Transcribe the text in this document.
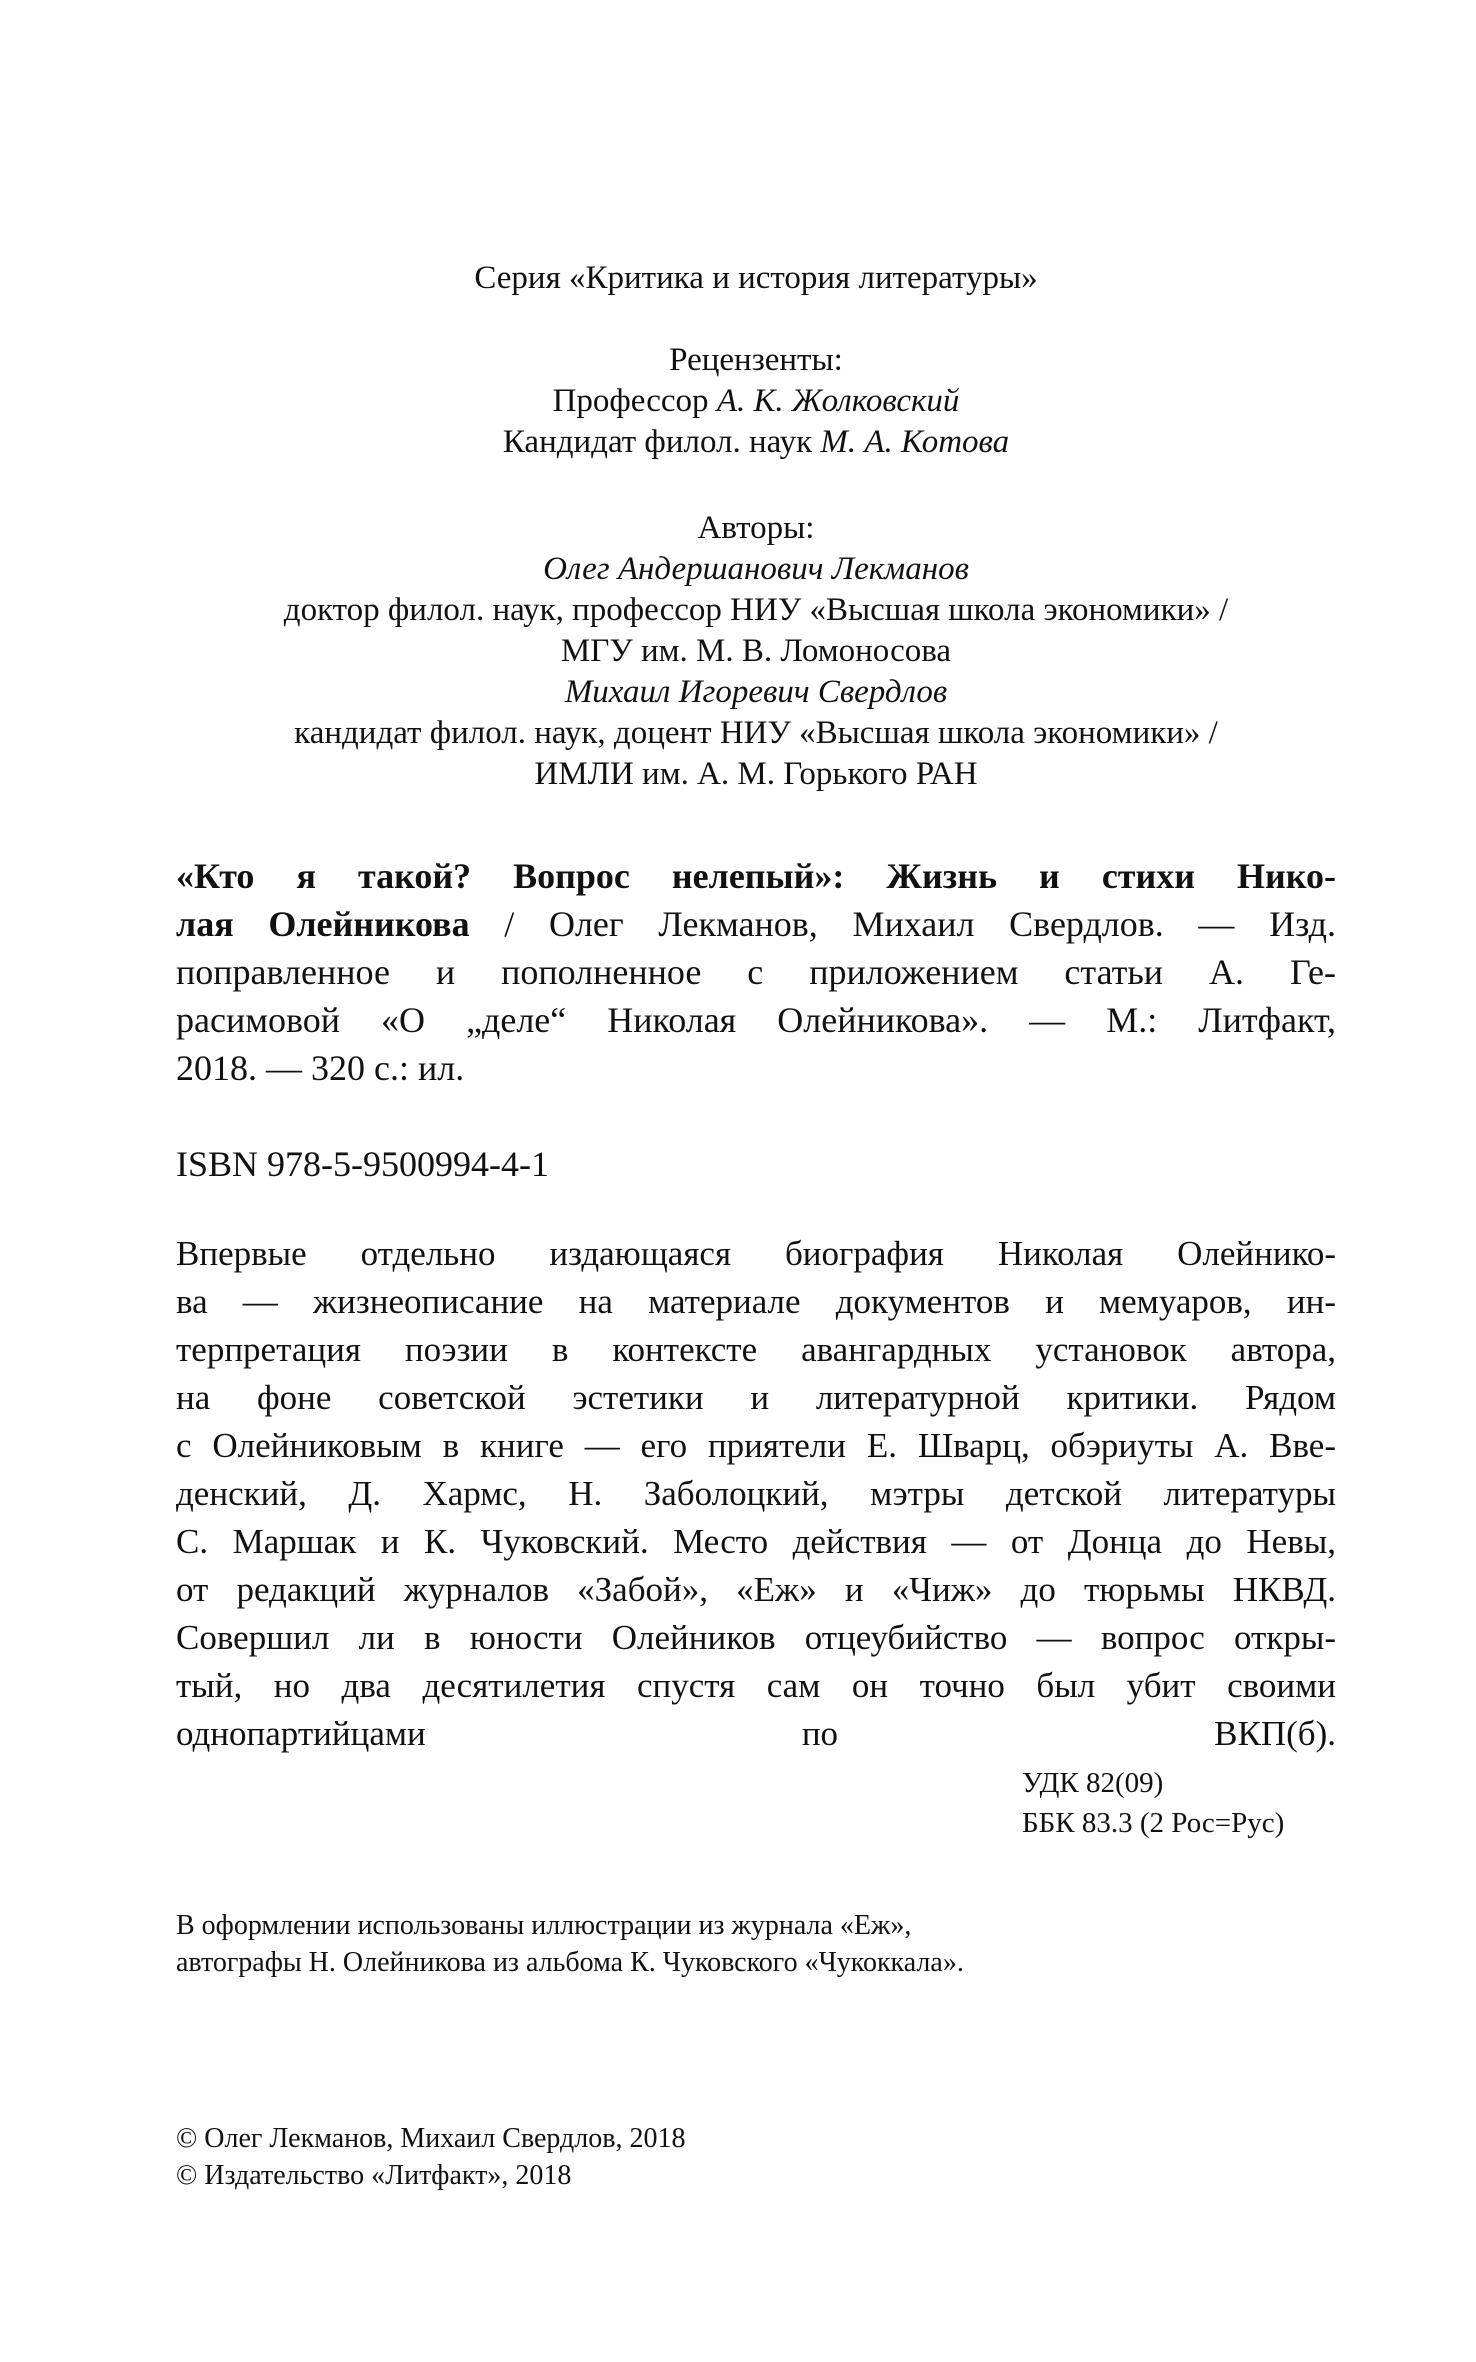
Серия «Критика и история литературы»
Рецензенты:
Профессор А. К. Жолковский
Кандидат филол. наук М. А. Котова
Авторы:
Олег Андершанович Лекманов
доктор филол. наук, профессор НИУ «Высшая школа экономики» /
МГУ им. М. В. Ломоносова
Михаил Игоревич Свердлов
кандидат филол. наук, доцент НИУ «Высшая школа экономики» /
ИМЛИ им. А. М. Горького РАН
«Кто я такой? Вопрос нелепый»: Жизнь и стихи Нико-
лая Олейникова / Олег Лекманов, Михаил Свердлов. — Изд.
поправленное и пополненное с приложением статьи А. Ге-
расимовой «О „деле“ Николая Олейникова». — М.: Литфакт,
2018. — 320 с.: ил.
ISBN 978-5-9500994-4-1
Впервые отдельно издающаяся биография Николая Олейнико-
ва — жизнеописание на материале документов и мемуаров, ин-
терпретация поэзии в контексте авангардных установок автора,
на фоне советской эстетики и литературной критики. Рядом
с Олейниковым в книге — его приятели Е. Шварц, обэриуты А. Вве-
денский, Д. Хармс, Н. Заболоцкий, мэтры детской литературы
С. Маршак и К. Чуковский. Место действия — от Донца до Невы,
от редакций журналов «Забой», «Еж» и «Чиж» до тюрьмы НКВД.
Совершил ли в юности Олейников отцеубийство — вопрос откры-
тый, но два десятилетия спустя сам он точно был убит своими
однопартийцами по ВКП(б).
УДК 82(09)
ББК 83.3 (2 Рос=Рус)
В оформлении использованы иллюстрации из журнала «Еж»,
автографы Н. Олейникова из альбома К. Чуковского «Чукоккала».
© Олег Лекманов, Михаил Свердлов, 2018
© Издательство «Литфакт», 2018
